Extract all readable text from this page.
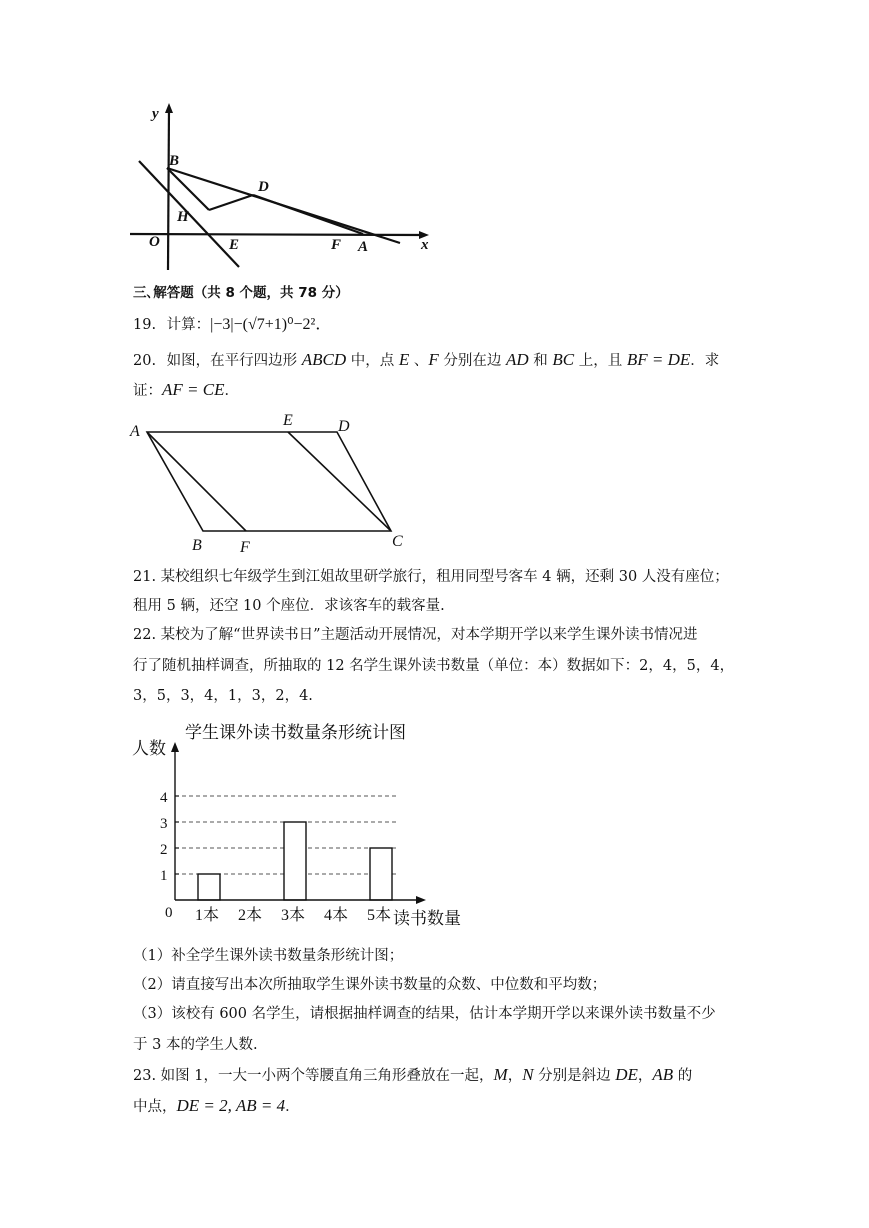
y
x
O
B
D
H
E	F A
三､解答题（共 8 个题，共 78 分）
19. 计算：|−3|−(√7+1)⁰−2²．
20. 如图，在平行四边形 ABCD 中，点 E 、F 分别在边 AD 和 BC 上，且 BF = DE．求
证：AF = CE．
A
E	D
B F	C
21. 某校组织七年级学生到江姐故里研学旅行，租用同型号客车 4 辆，还剩 30 人没有座位；
租用 5 辆，还空 10 个座位．求该客车的载客量.
22. 某校为了解“世界读书日”主题活动开展情况，对本学期开学以来学生课外读书情况进
行了随机抽样调查，所抽取的 12 名学生课外读书数量（单位：本）数据如下：2，4，5，4，
3，5，3，4，1，3，2，4.
学生课外读书数量条形统计图
人数
读书数量
0
1
2
3
4
1本 2本 3本 4本 5本
（1）补全学生课外读书数量条形统计图；
（2）请直接写出本次所抽取学生课外读书数量的众数、中位数和平均数；
（3）该校有 600 名学生，请根据抽样调查的结果，估计本学期开学以来课外读书数量不少
于 3 本的学生人数.
23. 如图 1，一大一小两个等腰直角三角形叠放在一起，M，N 分别是斜边 DE，AB 的
中点，DE = 2, AB = 4．
